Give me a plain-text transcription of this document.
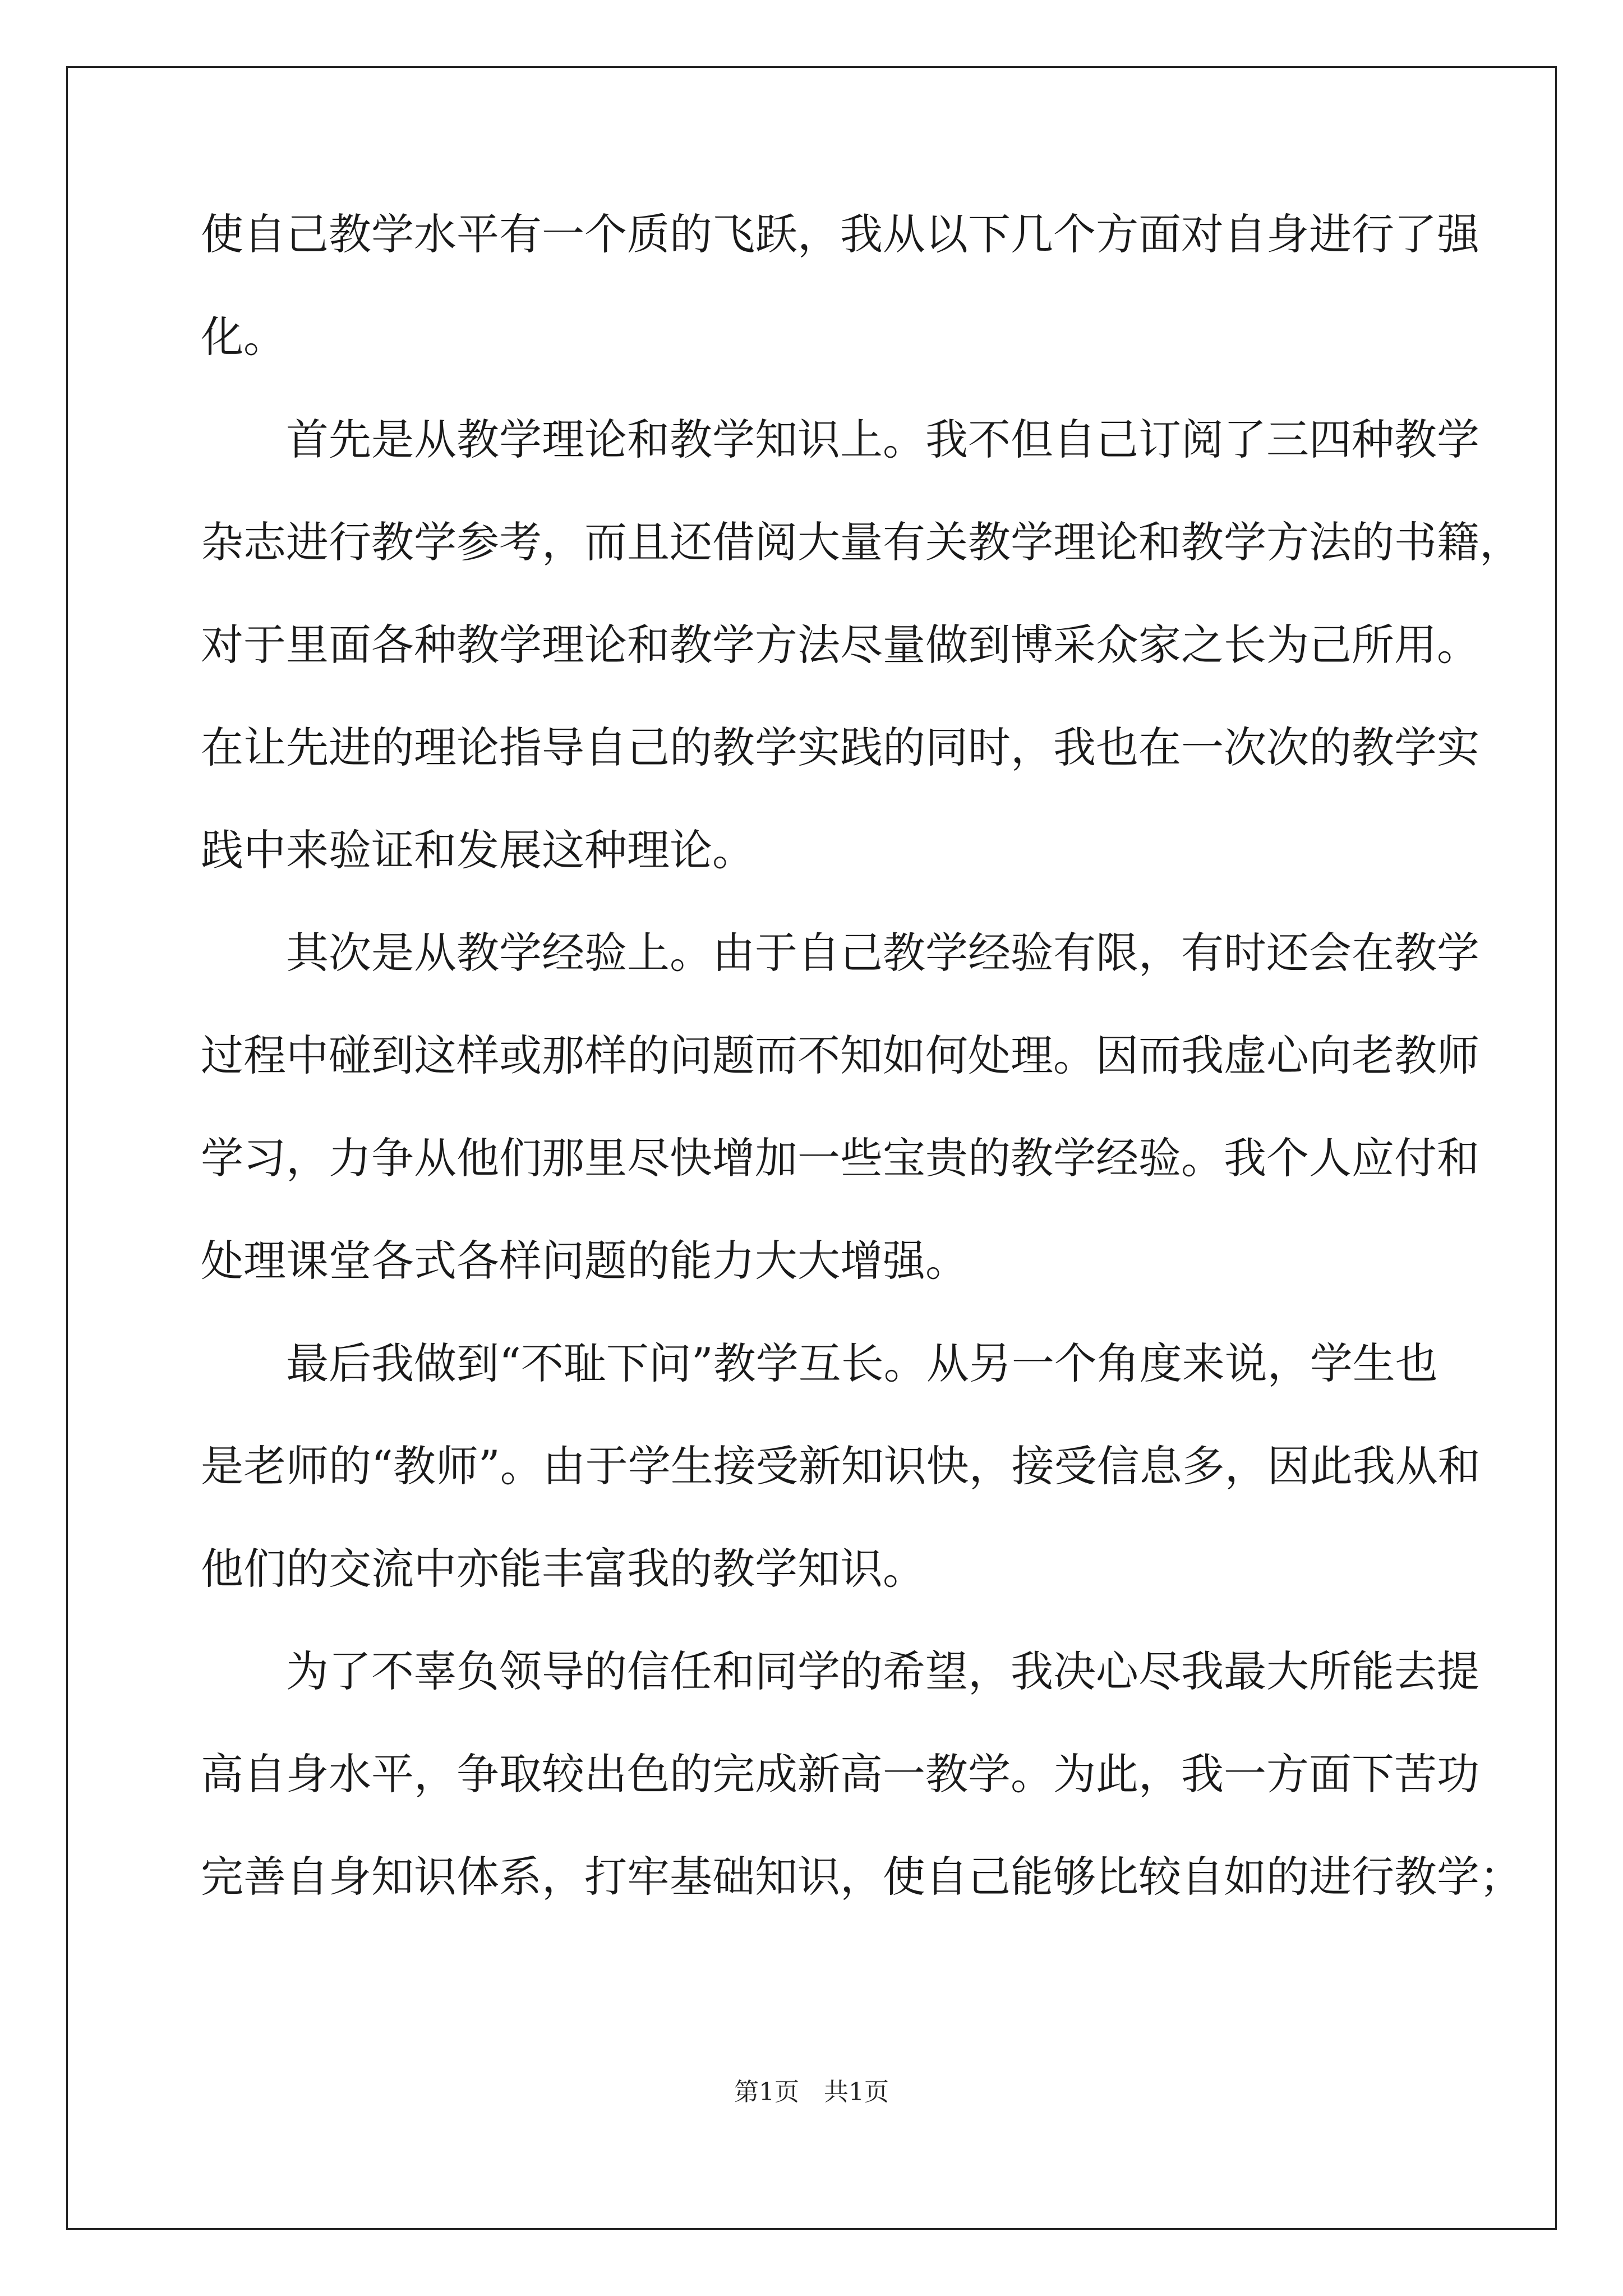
使自己教学水平有一个质的飞跃，我从以下几个方面对自身进行了强
化。
首先是从教学理论和教学知识上。我不但自己订阅了三四种教学
杂志进行教学参考，而且还借阅大量有关教学理论和教学方法的书籍，
对于里面各种教学理论和教学方法尽量做到博采众家之长为己所用。
在让先进的理论指导自己的教学实践的同时，我也在一次次的教学实
践中来验证和发展这种理论。
其次是从教学经验上。由于自己教学经验有限，有时还会在教学
过程中碰到这样或那样的问题而不知如何处理。因而我虚心向老教师
学习，力争从他们那里尽快增加一些宝贵的教学经验。我个人应付和
处理课堂各式各样问题的能力大大增强。
最后我做到“不耻下问”教学互长。从另一个角度来说，学生也
是老师的“教师”。由于学生接受新知识快，接受信息多，因此我从和
他们的交流中亦能丰富我的教学知识。
为了不辜负领导的信任和同学的希望，我决心尽我最大所能去提
高自身水平，争取较出色的完成新高一教学。为此，我一方面下苦功
完善自身知识体系，打牢基础知识，使自己能够比较自如的进行教学；
第1页　共1页
